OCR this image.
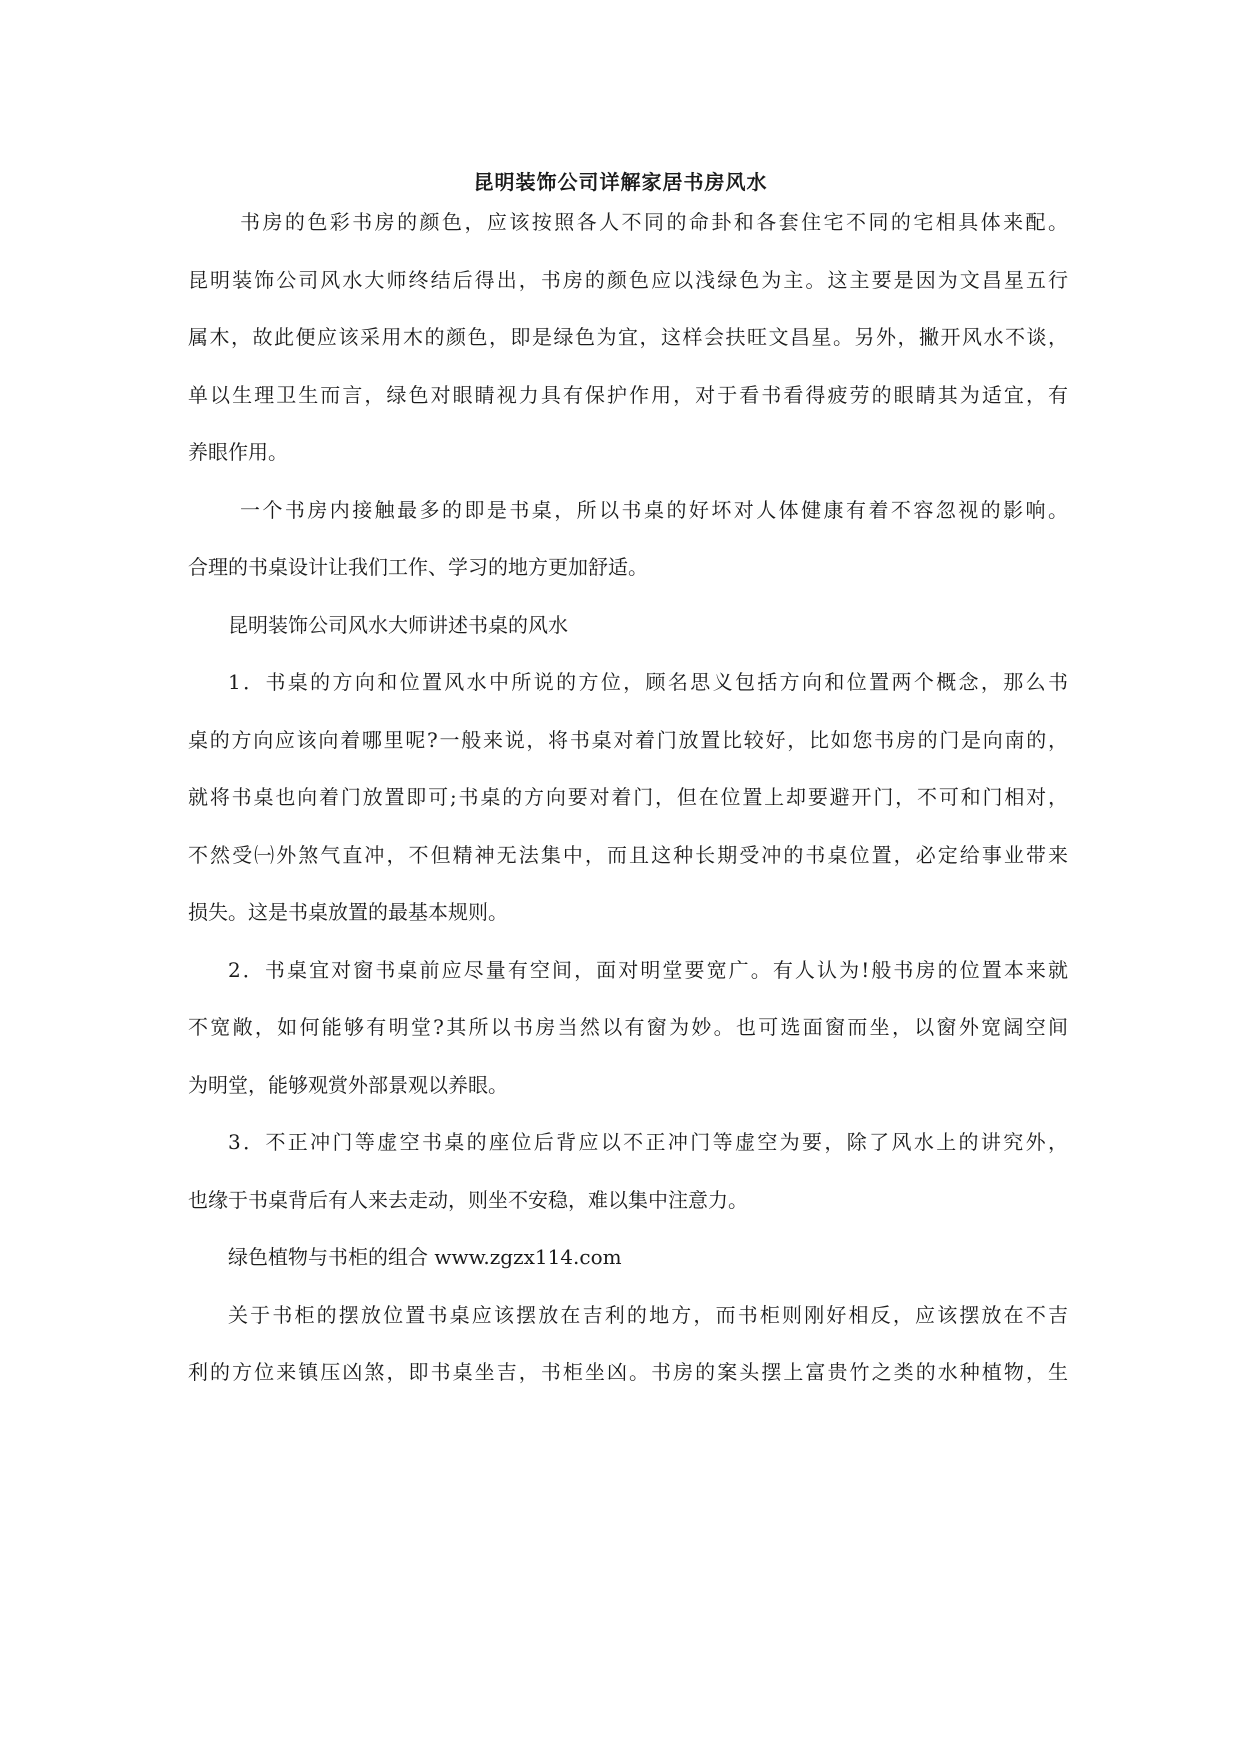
昆明装饰公司详解家居书房风水
书房的色彩书房的颜色，应该按照各人不同的命卦和各套住宅不同的宅相具体来配。
昆明装饰公司风水大师终结后得出，书房的颜色应以浅绿色为主。这主要是因为文昌星五行
属木，故此便应该采用木的颜色，即是绿色为宜，这样会扶旺文昌星。另外，撇开风水不谈，
单以生理卫生而言，绿色对眼睛视力具有保护作用，对于看书看得疲劳的眼睛其为适宜，有
养眼作用。
一个书房内接触最多的即是书桌，所以书桌的好坏对人体健康有着不容忽视的影响。
合理的书桌设计让我们工作、学习的地方更加舒适。
昆明装饰公司风水大师讲述书桌的风水
1．书桌的方向和位置风水中所说的方位，顾名思义包括方向和位置两个概念，那么书
桌的方向应该向着哪里呢?一般来说，将书桌对着门放置比较好，比如您书房的门是向南的，
就将书桌也向着门放置即可;书桌的方向要对着门，但在位置上却要避开门，不可和门相对，
不然受㈠外煞气直冲，不但精神无法集中，而且这种长期受冲的书桌位置，必定给事业带来
损失。这是书桌放置的最基本规则。
2．书桌宜对窗书桌前应尽量有空间，面对明堂要宽广。有人认为!般书房的位置本来就
不宽敞，如何能够有明堂?其所以书房当然以有窗为妙。也可选面窗而坐，以窗外宽阔空间
为明堂，能够观赏外部景观以养眼。
3．不正冲门等虚空书桌的座位后背应以不正冲门等虚空为要，除了风水上的讲究外，
也缘于书桌背后有人来去走动，则坐不安稳，难以集中注意力。
绿色植物与书柜的组合 www.zgzx114.com
关于书柜的摆放位置书桌应该摆放在吉利的地方，而书柜则刚好相反，应该摆放在不吉
利的方位来镇压凶煞，即书桌坐吉，书柜坐凶。书房的案头摆上富贵竹之类的水种植物，生
